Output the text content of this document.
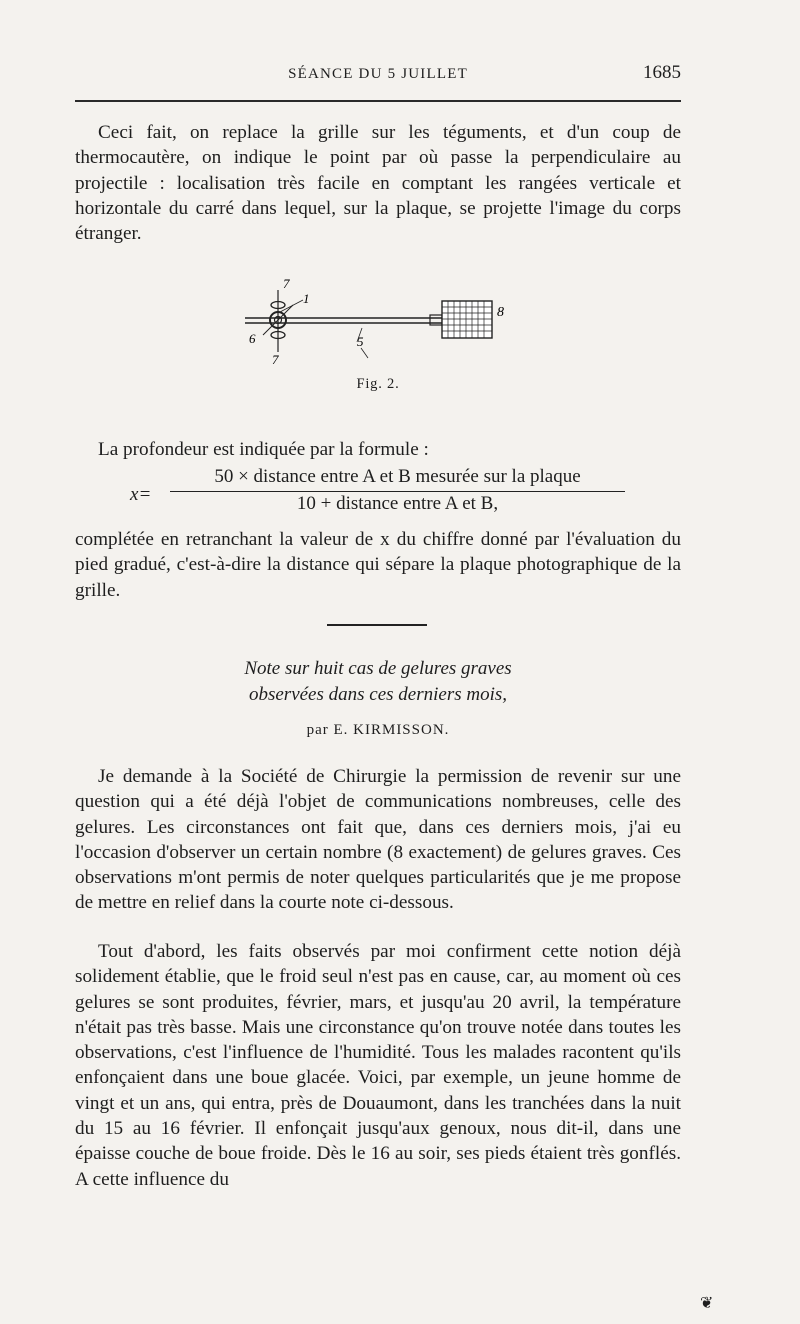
SÉANCE DU 5 JUILLET	1685

Ceci fait, on replace la grille sur les téguments, et d'un coup de thermocautère, on indique le point par où passe la perpendiculaire au projectile : localisation très facile en comptant les rangées verticale et horizontale du carré dans lequel, sur la plaque, se projette l'image du corps étranger.

7
1
8
6	5
7
Fig. 2.

La profondeur est indiquée par la formule :

x=
50 × distance entre A et B mesurée sur la plaque
10 + distance entre A et B,

complétée en retranchant la valeur de x du chiffre donné par l'évaluation du pied gradué, c'est-à-dire la distance qui sépare la plaque photographique de la grille.

Note sur huit cas de gelures graves
observées dans ces derniers mois,
par E. KIRMISSON.

Je demande à la Société de Chirurgie la permission de revenir sur une question qui a été déjà l'objet de communications nombreuses, celle des gelures. Les circonstances ont fait que, dans ces derniers mois, j'ai eu l'occasion d'observer un certain nombre (8 exactement) de gelures graves. Ces observations m'ont permis de noter quelques particularités que je me propose de mettre en relief dans la courte note ci-dessous.

Tout d'abord, les faits observés par moi confirment cette notion déjà solidement établie, que le froid seul n'est pas en cause, car, au moment où ces gelures se sont produites, février, mars, et jusqu'au 20 avril, la température n'était pas très basse. Mais une circonstance qu'on trouve notée dans toutes les observations, c'est l'influence de l'humidité. Tous les malades racontent qu'ils enfonçaient dans une boue glacée. Voici, par exemple, un jeune homme de vingt et un ans, qui entra, près de Douaumont, dans les tranchées dans la nuit du 15 au 16 février. Il enfonçait jusqu'aux genoux, nous dit-il, dans une épaisse couche de boue froide. Dès le 16 au soir, ses pieds étaient très gonflés. A cette influence du

❦
